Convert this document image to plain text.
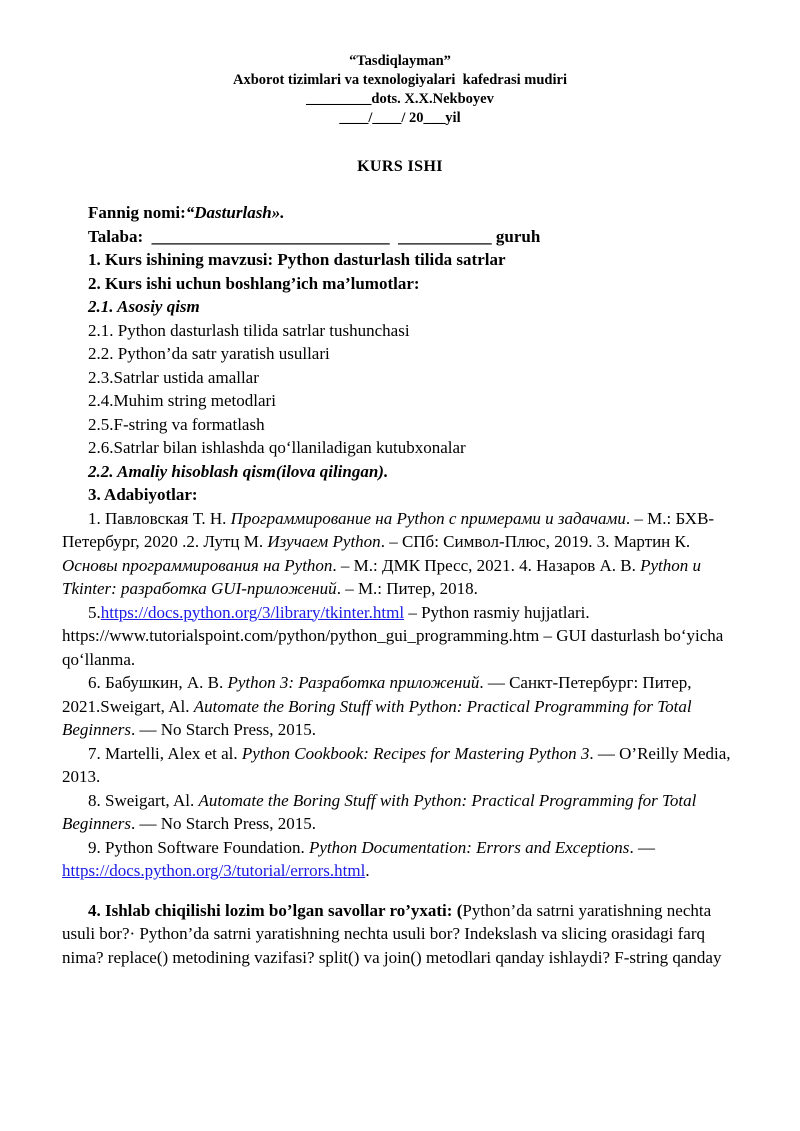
“Tasdiqlayman”
Axborot tizimlari va texnologiyalari  kafedrasi mudiri
_________dots. X.X.Nekboyev
____/____/ 20___yil
KURS ISHI
Fannig nomi:“Dasturlash».
Talaba:  ____________________________  ___________ guruh
1. Kurs ishining mavzusi: Python dasturlash tilida satrlar
2. Kurs ishi uchun boshlang’ich ma’lumotlar:
2.1. Asosiy qism
2.1. Python dasturlash tilida satrlar tushunchasi
2.2. Python’da satr yaratish usullari
2.3.Satrlar ustida amallar
2.4.Muhim string metodlari
2.5.F-string va formatlash
2.6.Satrlar bilan ishlashda qo‘llaniladigan kutubxonalar
2.2. Amaliy hisoblash qism(ilova qilingan).
3. Adabiyotlar:
1. Павловская Т. Н. Программирование на Python с примерами и задачами. – М.: БХВ-Петербург, 2020 .2. Лутц М. Изучаем Python. – СПб: Символ-Плюс, 2019. 3. Мартин К. Основы программирования на Python. – М.: ДМК Пресс, 2021. 4. Назаров А. В. Python и Tkinter: разработка GUI-приложений. – М.: Питер, 2018.
5.https://docs.python.org/3/library/tkinter.html – Python rasmiy hujjatlari. https://www.tutorialspoint.com/python/python_gui_programming.htm – GUI dasturlash bo‘yicha qo‘llanma.
6. Бабушкин, А. В. Python 3: Разработка приложений. — Санкт-Петербург: Питер, 2021.Sweigart, Al. Automate the Boring Stuff with Python: Practical Programming for Total Beginners. — No Starch Press, 2015.
7. Martelli, Alex et al. Python Cookbook: Recipes for Mastering Python 3. — O’Reilly Media, 2013.
8. Sweigart, Al. Automate the Boring Stuff with Python: Practical Programming for Total Beginners. — No Starch Press, 2015.
9. Python Software Foundation. Python Documentation: Errors and Exceptions. — https://docs.python.org/3/tutorial/errors.html.
4. Ishlab chiqilishi lozim bo’lgan savollar ro’yxati: (Python’da satrni yaratishning nechta usuli bor?· Python’da satrni yaratishning nechta usuli bor? Indekslash va slicing orasidagi farq nima? replace() metodining vazifasi? split() va join() metodlari qanday ishlaydi? F-string qanday
